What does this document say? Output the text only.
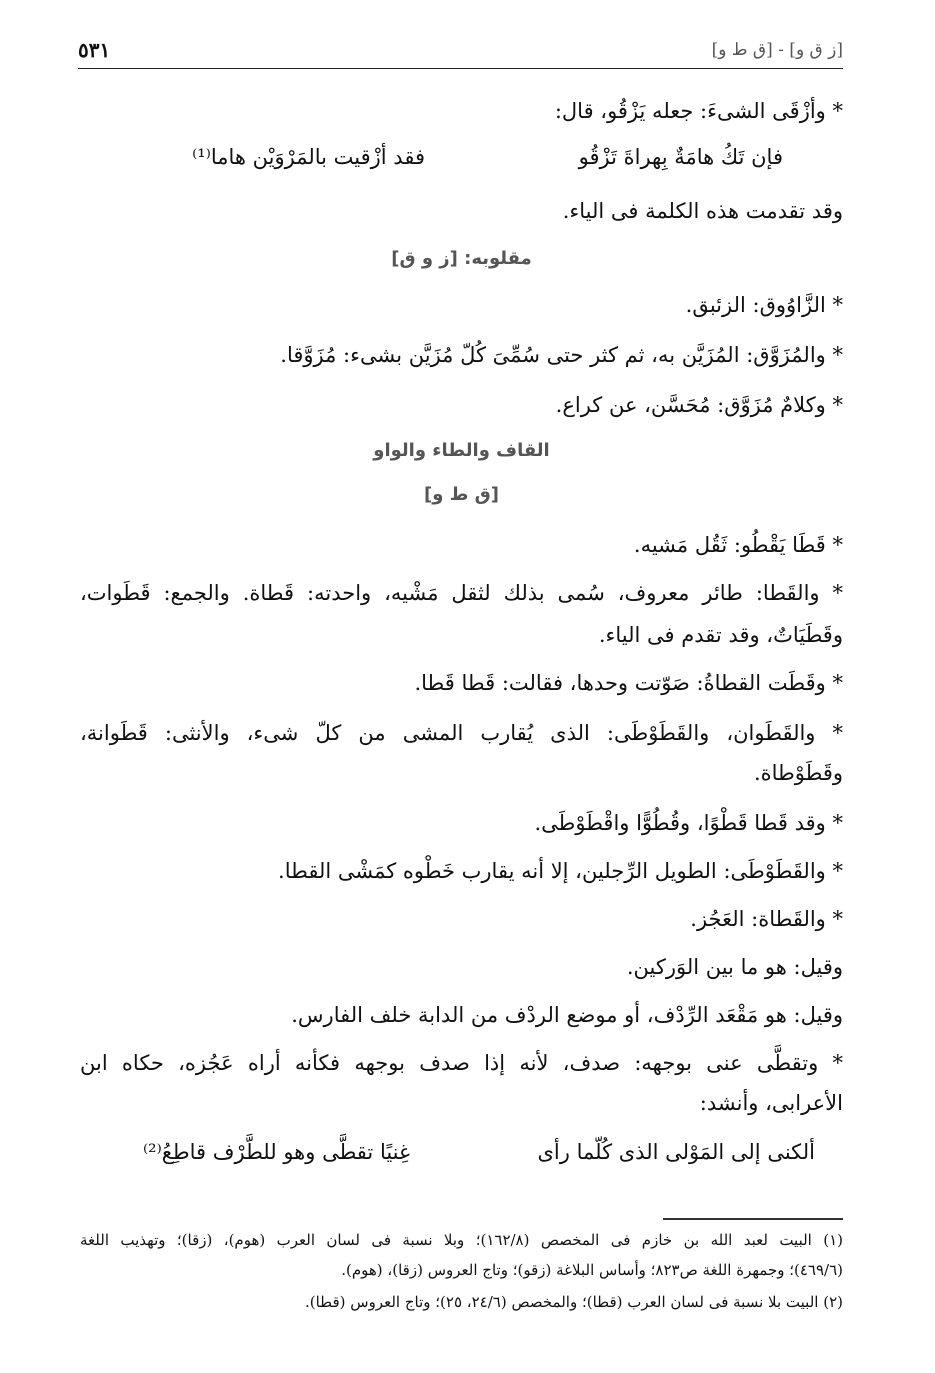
[ز ق و] - [ق ط و]
٥٣١
* وأزْقَى الشىءَ: جعله يَزْقُو، قال:
فإن تَكُ هامَةٌ بِهراةَ تَزْقُو
فقد أزْقيت بالمَرْوَيْن هاما⁽¹⁾
وقد تقدمت هذه الكلمة فى الياء.
مقلوبه: [ز و ق]
* الزَّاوُوق: الزئبق.
* والمُزَوَّق: المُزَيَّن به، ثم كثر حتى سُمِّىَ كُلّ مُزَيَّن بشىء: مُزَوَّقا.
* وكلامٌ مُزَوَّق: مُحَسَّن، عن كراع.
القاف والطاء والواو
[ق ط و]
* قَطَا يَقْطُو: ثَقُل مَشيه.
* والقَطا: طائر معروف، سُمى بذلك لثقل مَشْيه، واحدته: قَطاة. والجمع: قَطَوات،
وقَطَيَاتٌ، وقد تقدم فى الياء.
* وقَطَت القطاةُ: صَوّتت وحدها، فقالت: قَطا قَطا.
* والقَطَوان، والقَطَوْطَى: الذى يُقارب المشى من كلّ شىء، والأنثى: قَطَوانة،
وقَطَوْطاة.
* وقد قَطا قَطْوًا، وقُطُوًّا واقْطَوْطَى.
* والقَطَوْطَى: الطويل الرِّجلين، إلا أنه يقارب خَطْوه كمَشْى القطا.
* والقَطاة: العَجُز.
وقيل: هو ما بين الوَركين.
وقيل: هو مَقْعَد الرِّدْف، أو موضع الردْف من الدابة خلف الفارس.
* وتقطَّى عنى بوجهه: صدف، لأنه إذا صدف بوجهه فكأنه أراه عَجُزه، حكاه ابن
الأعرابى، وأنشد:
ألكنى إلى المَوْلى الذى كُلّما رأى
غِنيًا تقطَّى وهو للطَّرْف قاطِعُ⁽²⁾
(١) البيت لعبد الله بن خازم فى المخصص (١٦٢/٨)؛ وبلا نسبة فى لسان العرب (هوم)، (زقا)؛ وتهذيب اللغة
(٤٦٩/٦)؛ وجمهرة اللغة ص٨٢٣؛ وأساس البلاغة (زقو)؛ وتاج العروس (زقا)، (هوم).
(٢) البيت بلا نسبة فى لسان العرب (قطا)؛ والمخصص (٢٤/٦، ٢٥)؛ وتاج العروس (قطا).
